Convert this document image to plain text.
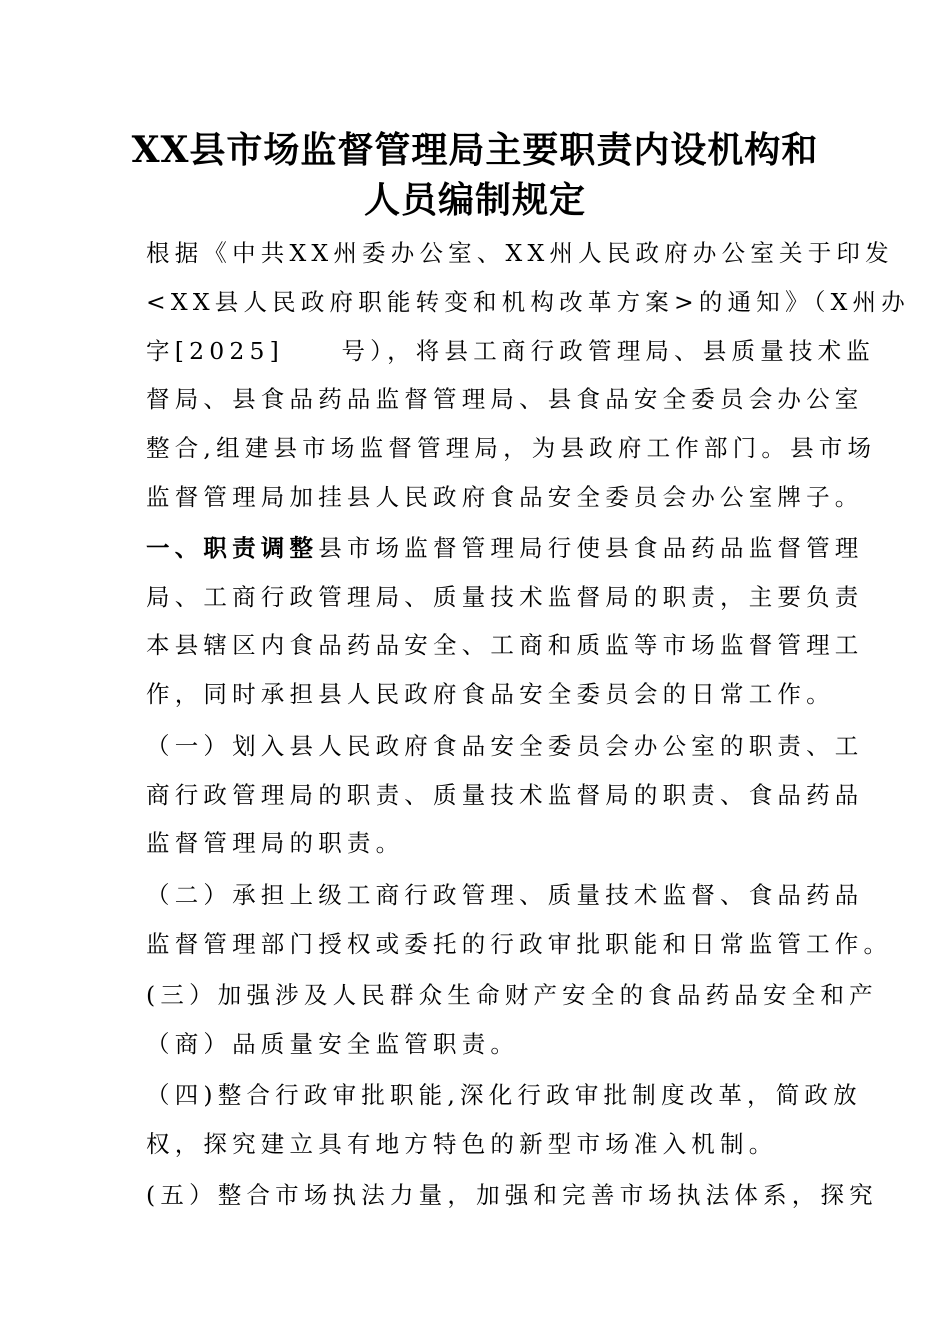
XX县市场监督管理局主要职责内设机构和
人员编制规定
根据《中共XX州委办公室、XX州人民政府办公室关于印发
<XX县人民政府职能转变和机构改革方案>的通知》（X州办
字[2025]　　号），将县工商行政管理局、县质量技术监
督局、县食品药品监督管理局、县食品安全委员会办公室
整合,组建县市场监督管理局，为县政府工作部门。县市场
监督管理局加挂县人民政府食品安全委员会办公室牌子。
一、职责调整县市场监督管理局行使县食品药品监督管理
局、工商行政管理局、质量技术监督局的职责，主要负责
本县辖区内食品药品安全、工商和质监等市场监督管理工
作，同时承担县人民政府食品安全委员会的日常工作。
（一）划入县人民政府食品安全委员会办公室的职责、工
商行政管理局的职责、质量技术监督局的职责、食品药品
监督管理局的职责。
（二）承担上级工商行政管理、质量技术监督、食品药品
监督管理部门授权或委托的行政审批职能和日常监管工作。
(三）加强涉及人民群众生命财产安全的食品药品安全和产
（商）品质量安全监管职责。
（四)整合行政审批职能,深化行政审批制度改革，简政放
权，探究建立具有地方特色的新型市场准入机制。
(五）整合市场执法力量，加强和完善市场执法体系，探究
